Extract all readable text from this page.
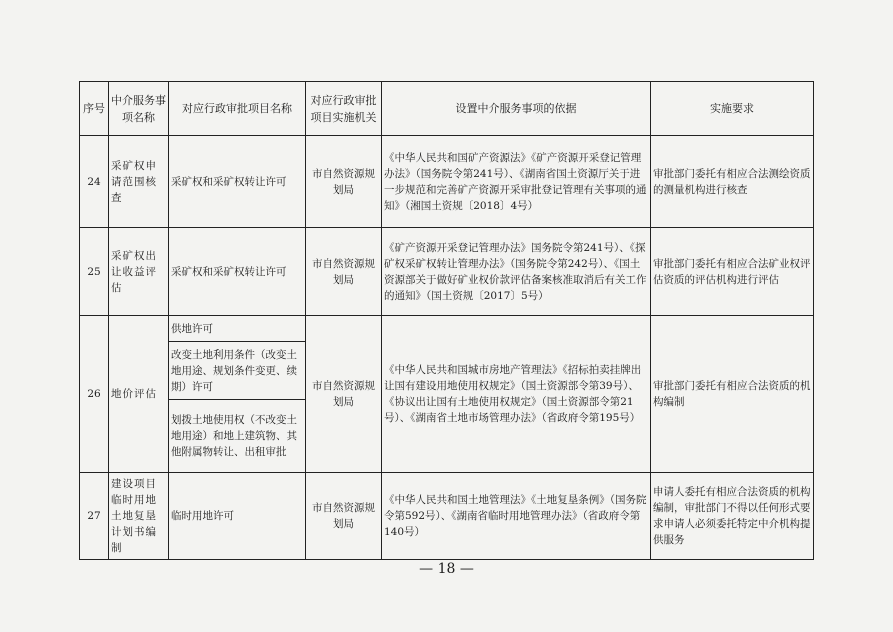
序号	中介服务事项名称	对应行政审批项目名称	对应行政审批项目实施机关	设置中介服务事项的依据	实施要求
24	采矿权申请范围核查	采矿权和采矿权转让许可	市自然资源规划局	《中华人民共和国矿产资源法》《矿产资源开采登记管理办法》（国务院令第241号）、《湖南省国土资源厅关于进一步规范和完善矿产资源开采审批登记管理有关事项的通知》（湘国土资规〔2018〕4号）	审批部门委托有相应合法测绘资质的测量机构进行核查
25	采矿权出让收益评估	采矿权和采矿权转让许可	市自然资源规划局	《矿产资源开采登记管理办法》国务院令第241号）、《探矿权采矿权转让管理办法》（国务院令第242号）、《国土资源部关于做好矿业权价款评估备案核准取消后有关工作的通知》（国土资规〔2017〕5号）	审批部门委托有相应合法矿业权评估资质的评估机构进行评估
26	地价评估	供地许可	市自然资源规划局	《中华人民共和国城市房地产管理法》《招标拍卖挂牌出让国有建设用地使用权规定》（国土资源部令第39号）、《协议出让国有土地使用权规定》（国土资源部令第21号）、《湖南省土地市场管理办法》（省政府令第195号）	审批部门委托有相应合法资质的机构编制
		改变土地利用条件（改变土地用途、规划条件变更、续期）许可			
		划拨土地使用权（不改变土地用途）和地上建筑物、其他附属物转让、出租审批			
27	建设项目临时用地土地复垦计划书编制	临时用地许可	市自然资源规划局	《中华人民共和国土地管理法》《土地复垦条例》（国务院令第592号）、《湖南省临时用地管理办法》（省政府令第140号）	申请人委托有相应合法资质的机构编制，审批部门不得以任何形式要求申请人必须委托特定中介机构提供服务
— 18 —
